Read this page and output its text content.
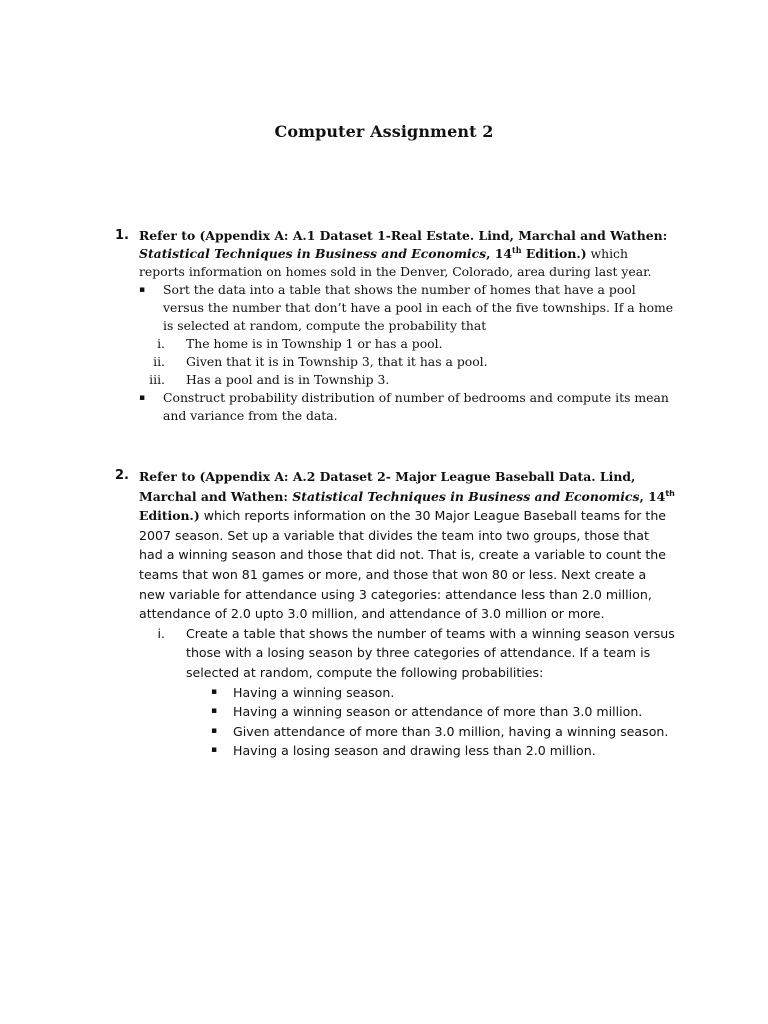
Computer Assignment 2
1. Refer to (Appendix A: A.1 Dataset 1-Real Estate. Lind, Marchal and Wathen: Statistical Techniques in Business and Economics, 14th Edition.) which reports information on homes sold in the Denver, Colorado, area during last year.
▪ Sort the data into a table that shows the number of homes that have a pool versus the number that don’t have a pool in each of the five townships. If a home is selected at random, compute the probability that
i. The home is in Township 1 or has a pool.
ii. Given that it is in Township 3, that it has a pool.
iii. Has a pool and is in Township 3.
▪ Construct probability distribution of number of bedrooms and compute its mean and variance from the data.
2. Refer to (Appendix A: A.2 Dataset 2- Major League Baseball Data. Lind, Marchal and Wathen: Statistical Techniques in Business and Economics, 14th Edition.) which reports information on the 30 Major League Baseball teams for the 2007 season. Set up a variable that divides the team into two groups, those that had a winning season and those that did not. That is, create a variable to count the teams that won 81 games or more, and those that won 80 or less. Next create a new variable for attendance using 3 categories: attendance less than 2.0 million, attendance of 2.0 upto 3.0 million, and attendance of 3.0 million or more.
i. Create a table that shows the number of teams with a winning season versus those with a losing season by three categories of attendance. If a team is selected at random, compute the following probabilities:
▪ Having a winning season.
▪ Having a winning season or attendance of more than 3.0 million.
▪ Given attendance of more than 3.0 million, having a winning season.
▪ Having a losing season and drawing less than 2.0 million.
